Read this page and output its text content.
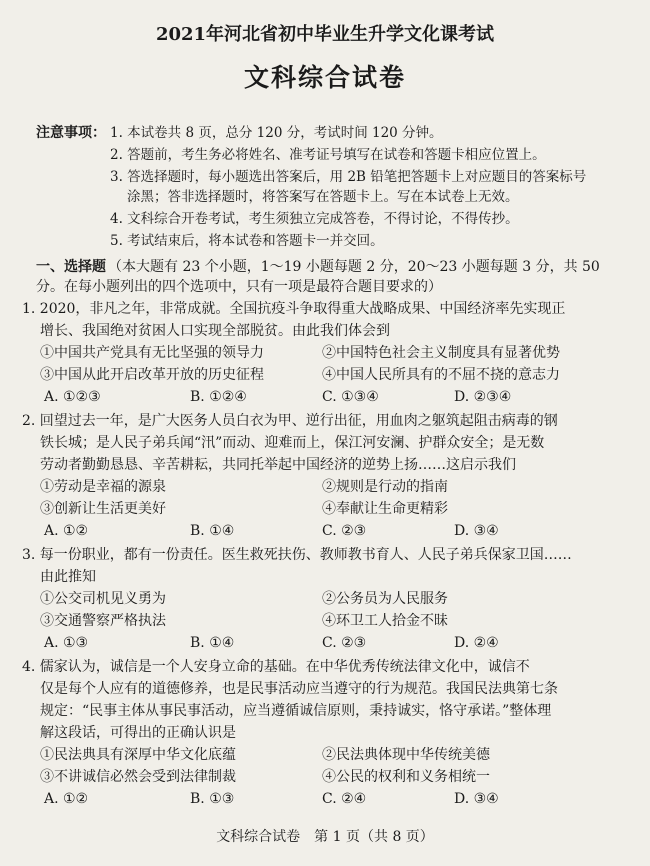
2021年河北省初中毕业生升学文化课考试
文科综合试卷
注意事项： 1. 本试卷共 8 页，总分 120 分，考试时间 120 分钟。
2. 答题前，考生务必将姓名、准考证号填写在试卷和答题卡相应位置上。
3. 答选择题时，每小题选出答案后，用 2B 铅笔把答题卡上对应题目的答案标号
涂黑；答非选择题时，将答案写在答题卡上。写在本试卷上无效。
4. 文科综合开卷考试，考生须独立完成答卷，不得讨论，不得传抄。
5. 考试结束后，将本试卷和答题卡一并交回。
一、选择题 （本大题有 23 个小题，1～19 小题每题 2 分，20～23 小题每题 3 分，共 50
分。在每小题列出的四个选项中，只有一项是最符合题目要求的）
1. 2020，非凡之年，非常成就。全国抗疫斗争取得重大战略成果、中国经济率先实现正
增长、我国绝对贫困人口实现全部脱贫。由此我们体会到
①中国共产党具有无比坚强的领导力	②中国特色社会主义制度具有显著优势
③中国从此开启改革开放的历史征程	④中国人民所具有的不屈不挠的意志力
A. ①②③	B. ①②④	C. ①③④	D. ②③④
2. 回望过去一年，是广大医务人员白衣为甲、逆行出征，用血肉之躯筑起阻击病毒的钢
铁长城；是人民子弟兵闻“汛”而动、迎难而上，保江河安澜、护群众安全；是无数
劳动者勤勤恳恳、辛苦耕耘，共同托举起中国经济的逆势上扬……这启示我们
①劳动是幸福的源泉	②规则是行动的指南
③创新让生活更美好	④奉献让生命更精彩
A. ①②	B. ①④	C. ②③	D. ③④
3. 每一份职业，都有一份责任。医生救死扶伤、教师教书育人、人民子弟兵保家卫国……
由此推知
①公交司机见义勇为	②公务员为人民服务
③交通警察严格执法	④环卫工人拾金不昧
A. ①③	B. ①④	C. ②③	D. ②④
4. 儒家认为，诚信是一个人安身立命的基础。在中华优秀传统法律文化中，诚信不
仅是每个人应有的道德修养，也是民事活动应当遵守的行为规范。我国民法典第七条
规定：“民事主体从事民事活动，应当遵循诚信原则，秉持诚实，恪守承诺。”整体理
解这段话，可得出的正确认识是
①民法典具有深厚中华文化底蕴	②民法典体现中华传统美德
③不讲诚信必然会受到法律制裁	④公民的权利和义务相统一
A. ①②	B. ①③	C. ②④	D. ③④
文科综合试卷　第 1 页（共 8 页）
